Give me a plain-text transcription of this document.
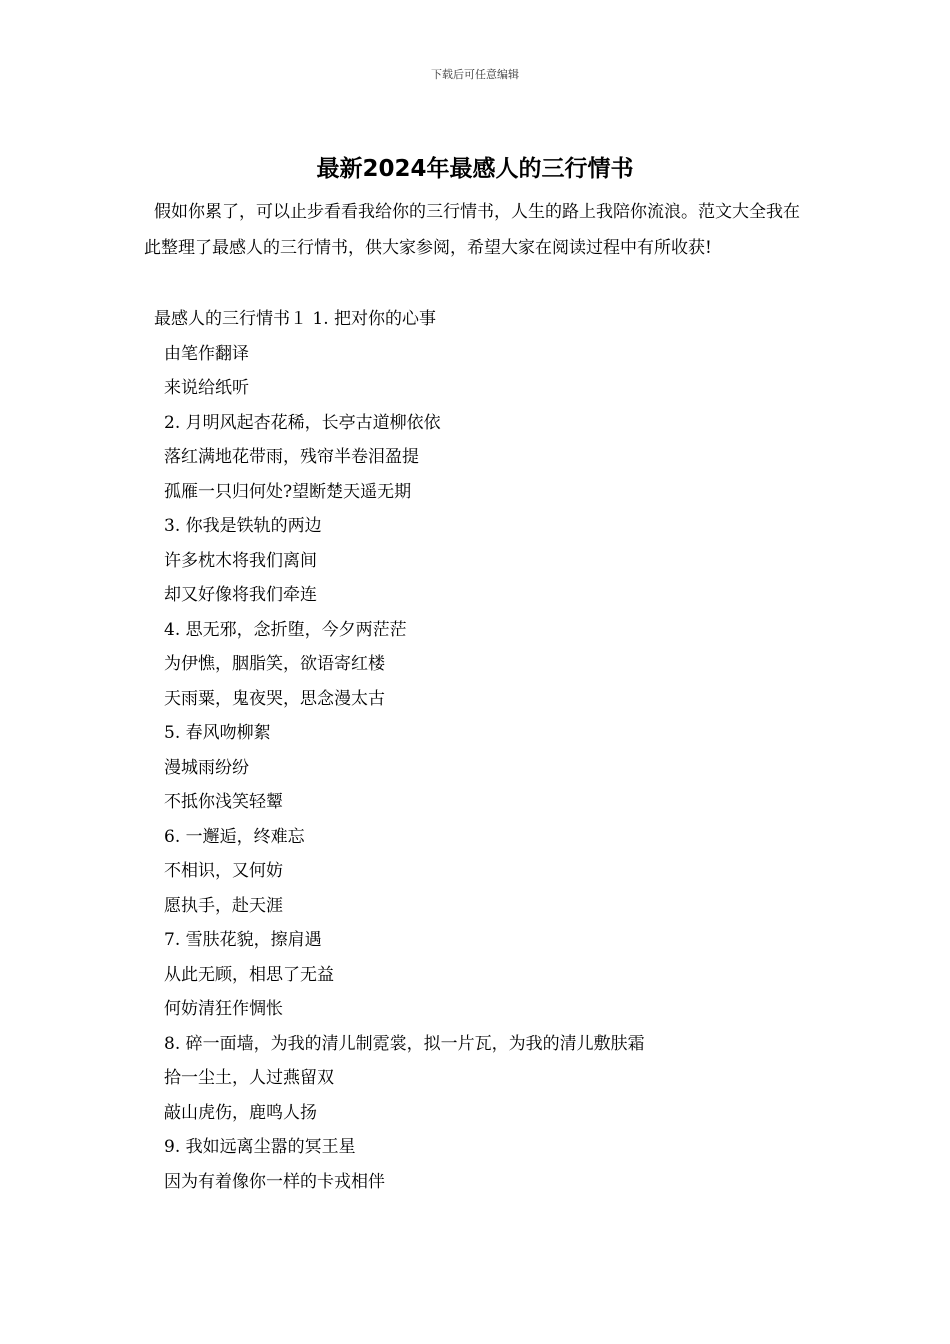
下载后可任意编辑
最新2024年最感人的三行情书

假如你累了，可以止步看看我给你的三行情书，人生的路上我陪你流浪。范文大全我在此整理了最感人的三行情书，供大家参阅，希望大家在阅读过程中有所收获!

最感人的三行情书１ 1. 把对你的心事
由笔作翻译
来说给纸听
2. 月明风起杏花稀，长亭古道柳依依
落红满地花带雨，残帘半卷泪盈提
孤雁一只归何处?望断楚天遥无期
3. 你我是铁轨的两边
许多枕木将我们离间
却又好像将我们牵连
4. 思无邪，念折堕，今夕两茫茫
为伊憔，胭脂笑，欲语寄红楼
天雨粟，鬼夜哭，思念漫太古
5. 春风吻柳絮
漫城雨纷纷
不抵你浅笑轻颦
6. 一邂逅，终难忘
不相识，又何妨
愿执手，赴天涯
7. 雪肤花貌，擦肩遇
从此无顾，相思了无益
何妨清狂作惆怅
8. 碎一面墙，为我的清儿制霓裳，拟一片瓦，为我的清儿敷肤霜
拾一尘土，人过燕留双
敲山虎伤，鹿鸣人扬
9. 我如远离尘嚣的冥王星
因为有着像你一样的卡戎相伴
